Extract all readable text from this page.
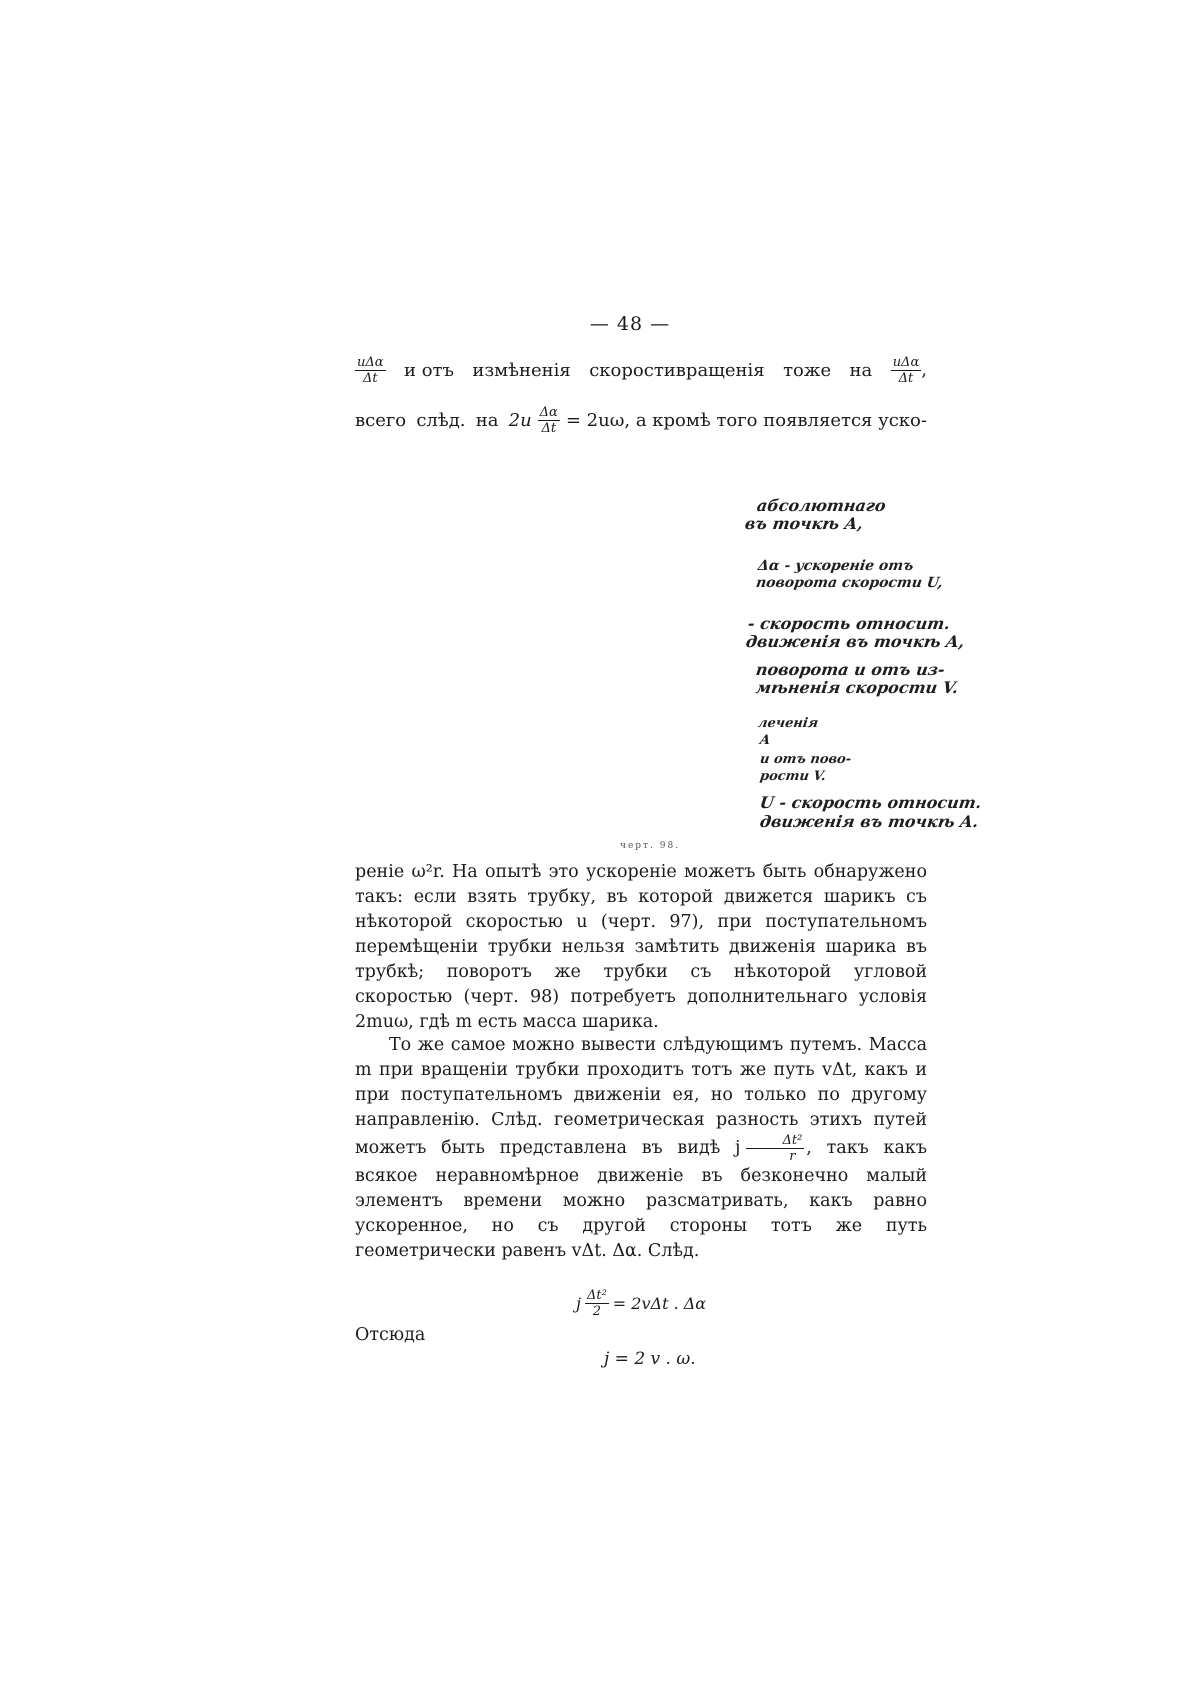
— 48 —
$\frac{\text{uΔα}}{\Delta t}$ и отъ измѣненія скоростивращенія тоже на $\frac{\text{uΔα}}{\Delta t}$ ,
всего слѣд. на $2u \frac{\Delta\alpha}{\Delta t} = 2u\omega$, а кромѣ того появляется уско-
абсолютнаго
въ точкѣ A,
Δα - ускореніе отъ
поворота скорости U,
- скорость относит.
движенія въ точкѣ A,
поворота и отъ из-
мѣненія скорости V.
леченія
A
и отъ пово-
рости V.
U - скорость относит.
движенія въ точкѣ A.
черт. 98.
реніе ω²r. На опытѣ это ускореніе можетъ быть обнаружено такъ: если взять трубку, въ которой движется шарикъ съ нѣкоторой скоростью u (черт. 97), при поступательномъ перемѣщеніи трубки нельзя замѣтить движенія шарика въ трубкѣ; поворотъ же трубки съ нѣкоторой угловой скоростью (черт. 98) потребуетъ дополнительнаго условія 2muω, гдѣ m есть масса шарика.
То же самое можно вывести слѣдующимъ путемъ. Масса m при вращеніи трубки проходитъ тотъ же путь vΔt, какъ и при поступательномъ движеніи ея, но только по другому направленію. Слѣд. геометрическая разность этихъ путей можетъ быть представлена въ видѣ j $\frac{\text{Δt²}}{r}$ , такъ какъ всякое неравномѣрное движеніе въ безконечно малый элементъ времени можно разсматривать, какъ равно ускоренное, но съ другой стороны тотъ же путь геометрически равенъ vΔt. Δα. Слѣд.
j $\frac{\text{Δt²}}{2} = 2v\Delta t$ . Δα
Отсюда
j = 2 v . ω.
